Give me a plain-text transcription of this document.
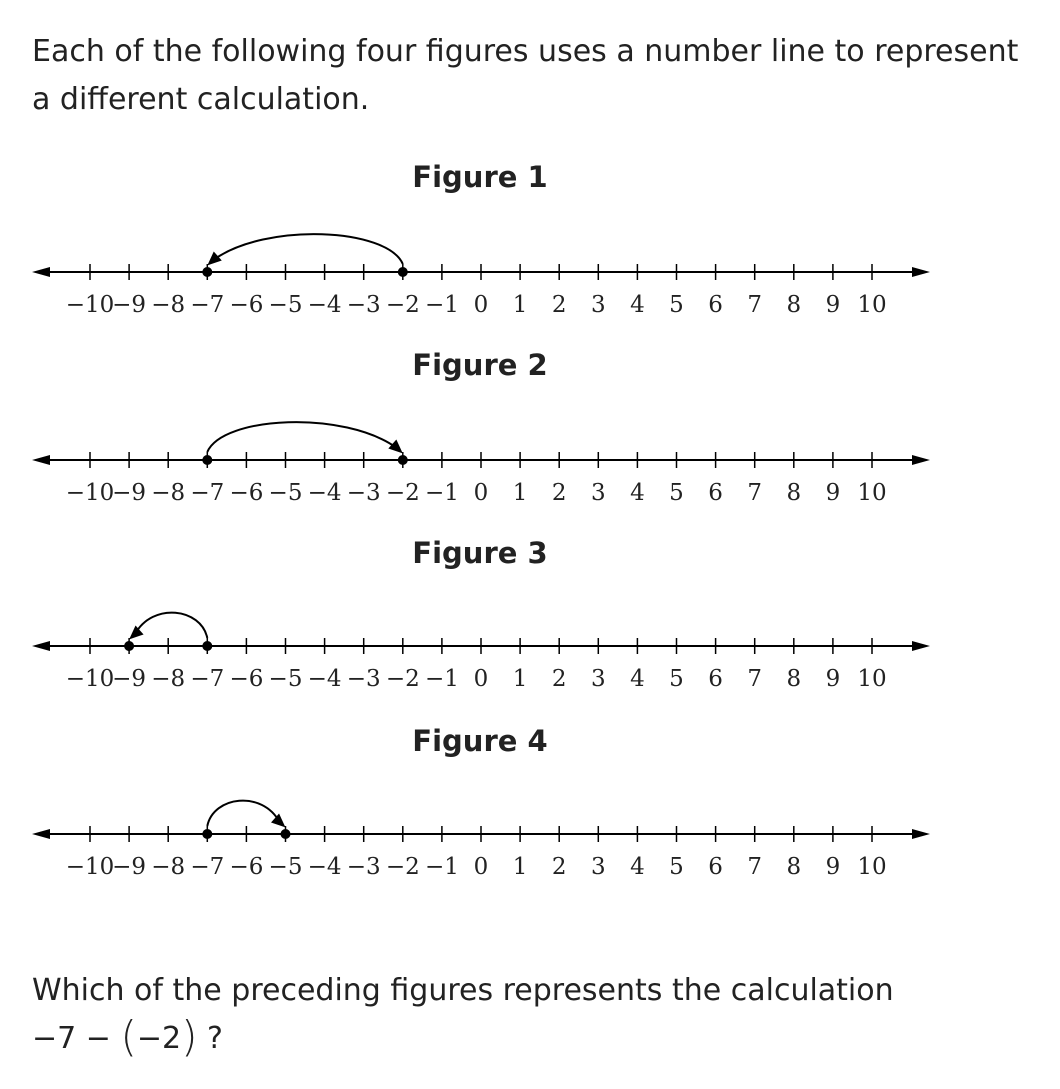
Each of the following four figures uses a number line to represent a different calculation.

Figure 1
−10
−9 −8 −7 −6 −5 −4 −3 −2 −1 0 1 2 3 4 5 6 7 8 9 10
Figure 2
−10
−9 −8 −7 −6 −5 −4 −3 −2 −1 0 1 2 3 4 5 6 7 8 9 10
Figure 3
−10
−9 −8 −7 −6 −5 −4 −3 −2 −1 0 1 2 3 4 5 6 7 8 9 10
Figure 4
−10
−9 −8 −7 −6 −5 −4 −3 −2 −1 0 1 2 3 4 5 6 7 8 9 10
Which of the preceding figures represents the calculation
−7 − (−2) ?
